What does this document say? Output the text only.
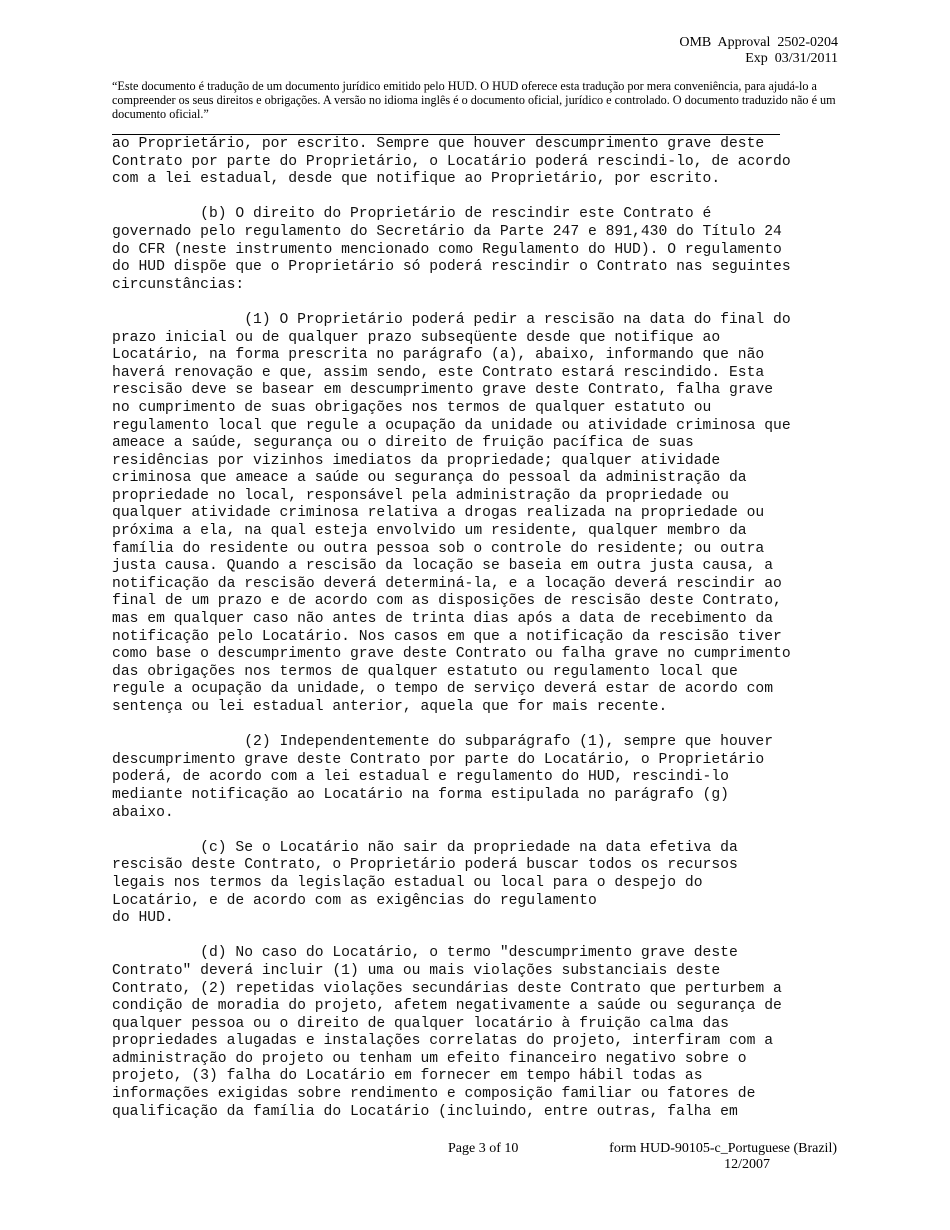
OMB  Approval  2502-0204
Exp  03/31/2011
“Este documento é tradução de um documento jurídico emitido pelo HUD. O HUD oferece esta tradução por mera conveniência, para ajudá-lo a compreender os seus direitos e obrigações. A versão no idioma inglês é o documento oficial, jurídico e controlado. O documento traduzido não é um documento oficial.”
ao Proprietário, por escrito. Sempre que houver descumprimento grave deste
Contrato por parte do Proprietário, o Locatário poderá rescindi-lo, de acordo
com a lei estadual, desde que notifique ao Proprietário, por escrito.
(b) O direito do Proprietário de rescindir este Contrato é
governado pelo regulamento do Secretário da Parte 247 e 891,430 do Título 24
do CFR (neste instrumento mencionado como Regulamento do HUD). O regulamento
do HUD dispõe que o Proprietário só poderá rescindir o Contrato nas seguintes
circunstâncias:
(1) O Proprietário poderá pedir a rescisão na data do final do
prazo inicial ou de qualquer prazo subseqüente desde que notifique ao
Locatário, na forma prescrita no parágrafo (a), abaixo, informando que não
haverá renovação e que, assim sendo, este Contrato estará rescindido. Esta
rescisão deve se basear em descumprimento grave deste Contrato, falha grave
no cumprimento de suas obrigações nos termos de qualquer estatuto ou
regulamento local que regule a ocupação da unidade ou atividade criminosa que
ameace a saúde, segurança ou o direito de fruição pacífica de suas
residências por vizinhos imediatos da propriedade; qualquer atividade
criminosa que ameace a saúde ou segurança do pessoal da administração da
propriedade no local, responsável pela administração da propriedade ou
qualquer atividade criminosa relativa a drogas realizada na propriedade ou
próxima a ela, na qual esteja envolvido um residente, qualquer membro da
família do residente ou outra pessoa sob o controle do residente; ou outra
justa causa. Quando a rescisão da locação se baseia em outra justa causa, a
notificação da rescisão deverá determiná-la, e a locação deverá rescindir ao
final de um prazo e de acordo com as disposições de rescisão deste Contrato,
mas em qualquer caso não antes de trinta dias após a data de recebimento da
notificação pelo Locatário. Nos casos em que a notificação da rescisão tiver
como base o descumprimento grave deste Contrato ou falha grave no cumprimento
das obrigações nos termos de qualquer estatuto ou regulamento local que
regule a ocupação da unidade, o tempo de serviço deverá estar de acordo com
sentença ou lei estadual anterior, aquela que for mais recente.
(2) Independentemente do subparágrafo (1), sempre que houver
descumprimento grave deste Contrato por parte do Locatário, o Proprietário
poderá, de acordo com a lei estadual e regulamento do HUD, rescindi-lo
mediante notificação ao Locatário na forma estipulada no parágrafo (g)
abaixo.
(c) Se o Locatário não sair da propriedade na data efetiva da
rescisão deste Contrato, o Proprietário poderá buscar todos os recursos
legais nos termos da legislação estadual ou local para o despejo do
Locatário, e de acordo com as exigências do regulamento
do HUD.
(d) No caso do Locatário, o termo "descumprimento grave deste
Contrato" deverá incluir (1) uma ou mais violações substanciais deste
Contrato, (2) repetidas violações secundárias deste Contrato que perturbem a
condição de moradia do projeto, afetem negativamente a saúde ou segurança de
qualquer pessoa ou o direito de qualquer locatário à fruição calma das
propriedades alugadas e instalações correlatas do projeto, interfiram com a
administração do projeto ou tenham um efeito financeiro negativo sobre o
projeto, (3) falha do Locatário em fornecer em tempo hábil todas as
informações exigidas sobre rendimento e composição familiar ou fatores de
qualificação da família do Locatário (incluindo, entre outras, falha em
Page 3 of 10	form HUD-90105-c_Portuguese (Brazil)
12/2007
